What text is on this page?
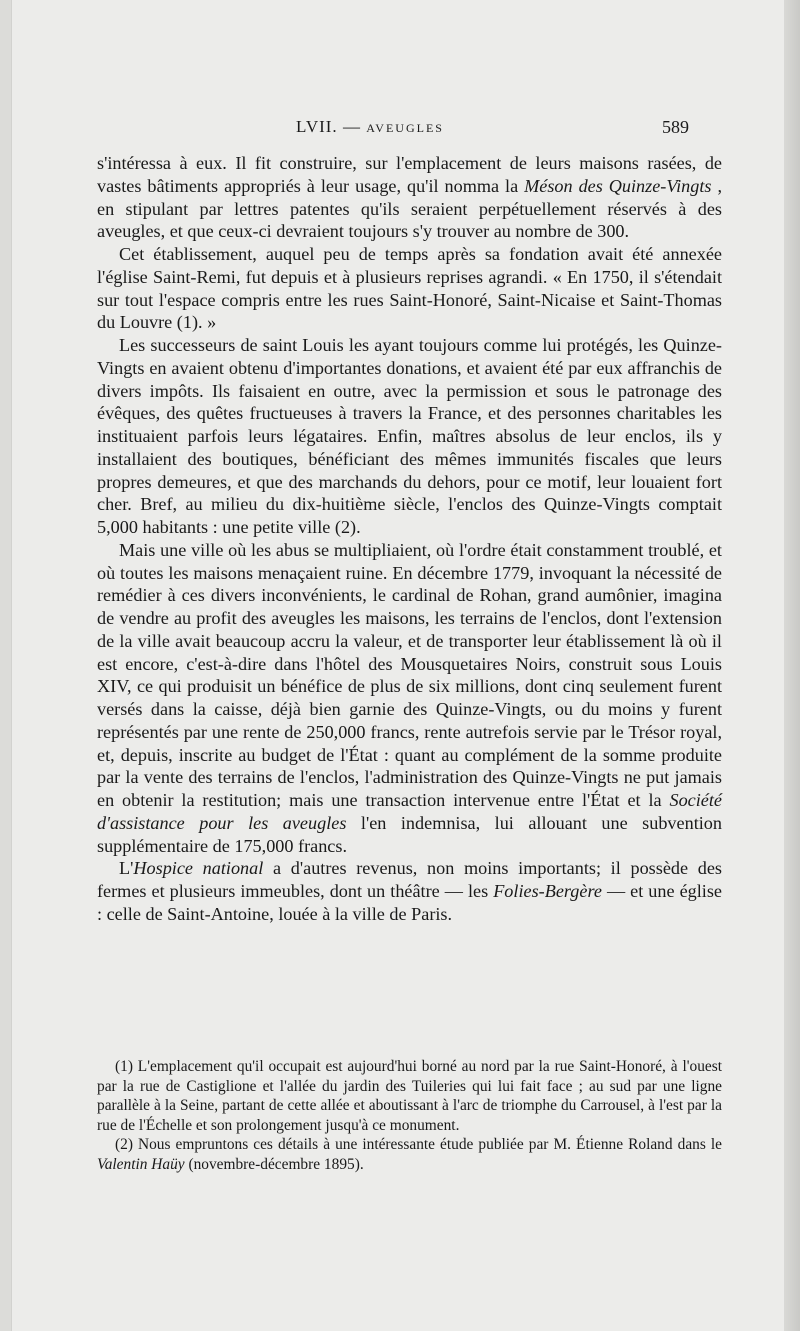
LVII. — AVEUGLES	589

s'intéressa à eux. Il fit construire, sur l'emplacement de leurs maisons rasées, de vastes bâtiments appropriés à leur usage, qu'il nomma la Méson des Quinze-Vingts , en stipulant par lettres patentes qu'ils seraient perpétuellement réservés à des aveugles, et que ceux-ci devraient toujours s'y trouver au nombre de 300.

Cet établissement, auquel peu de temps après sa fondation avait été annexée l'église Saint-Remi, fut depuis et à plusieurs reprises agrandi. « En 1750, il s'étendait sur tout l'espace compris entre les rues Saint-Honoré, Saint-Nicaise et Saint-Thomas du Louvre (1). »

Les successeurs de saint Louis les ayant toujours comme lui protégés, les Quinze-Vingts en avaient obtenu d'importantes donations, et avaient été par eux affranchis de divers impôts. Ils faisaient en outre, avec la permission et sous le patronage des évêques, des quêtes fructueuses à travers la France, et des personnes charitables les instituaient parfois leurs légataires. Enfin, maîtres absolus de leur enclos, ils y installaient des boutiques, bénéficiant des mêmes immunités fiscales que leurs propres demeures, et que des marchands du dehors, pour ce motif, leur louaient fort cher. Bref, au milieu du dix-huitième siècle, l'enclos des Quinze-Vingts comptait 5,000 habitants : une petite ville (2).

Mais une ville où les abus se multipliaient, où l'ordre était constamment troublé, et où toutes les maisons menaçaient ruine. En décembre 1779, invoquant la nécessité de remédier à ces divers inconvénients, le cardinal de Rohan, grand aumônier, imagina de vendre au profit des aveugles les maisons, les terrains de l'enclos, dont l'extension de la ville avait beaucoup accru la valeur, et de transporter leur établissement là où il est encore, c'est-à-dire dans l'hôtel des Mousquetaires Noirs, construit sous Louis XIV, ce qui produisit un bénéfice de plus de six millions, dont cinq seulement furent versés dans la caisse, déjà bien garnie des Quinze-Vingts, ou du moins y furent représentés par une rente de 250,000 francs, rente autrefois servie par le Trésor royal, et, depuis, inscrite au budget de l'État : quant au complément de la somme produite par la vente des terrains de l'enclos, l'administration des Quinze-Vingts ne put jamais en obtenir la restitution; mais une transaction intervenue entre l'État et la Société d'assistance pour les aveugles l'en indemnisa, lui allouant une subvention supplémentaire de 175,000 francs.

L'Hospice national a d'autres revenus, non moins importants; il possède des fermes et plusieurs immeubles, dont un théâtre — les Folies-Bergère — et une église : celle de Saint-Antoine, louée à la ville de Paris.

(1) L'emplacement qu'il occupait est aujourd'hui borné au nord par la rue Saint-Honoré, à l'ouest par la rue de Castiglione et l'allée du jardin des Tuileries qui lui fait face ; au sud par une ligne parallèle à la Seine, partant de cette allée et aboutissant à l'arc de triomphe du Carrousel, à l'est par la rue de l'Échelle et son prolongement jusqu'à ce monument.

(2) Nous empruntons ces détails à une intéressante étude publiée par M. Étienne Roland dans le Valentin Haüy (novembre-décembre 1895).
